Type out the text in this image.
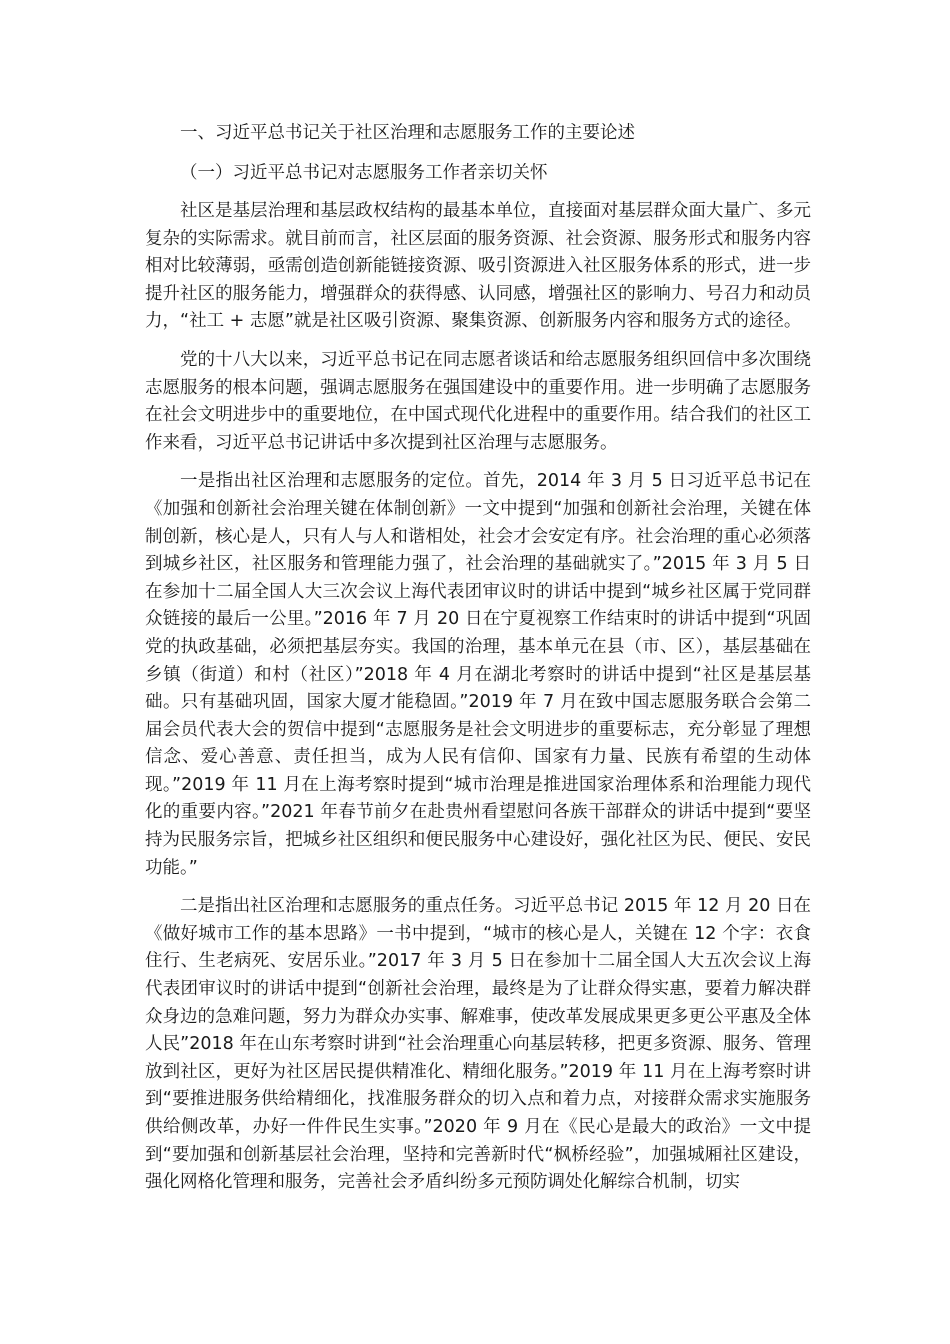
一、习近平总书记关于社区治理和志愿服务工作的主要论述

（一）习近平总书记对志愿服务工作者亲切关怀

社区是基层治理和基层政权结构的最基本单位，直接面对基层群众面大量广、多元复杂的实际需求。就目前而言，社区层面的服务资源、社会资源、服务形式和服务内容相对比较薄弱，亟需创造创新能链接资源、吸引资源进入社区服务体系的形式，进一步提升社区的服务能力，增强群众的获得感、认同感，增强社区的影响力、号召力和动员力，“社工 + 志愿”就是社区吸引资源、聚集资源、创新服务内容和服务方式的途径。

党的十八大以来，习近平总书记在同志愿者谈话和给志愿服务组织回信中多次围绕志愿服务的根本问题，强调志愿服务在强国建设中的重要作用。进一步明确了志愿服务在社会文明进步中的重要地位，在中国式现代化进程中的重要作用。结合我们的社区工作来看，习近平总书记讲话中多次提到社区治理与志愿服务。

一是指出社区治理和志愿服务的定位。首先，2014 年 3 月 5 日习近平总书记在《加强和创新社会治理关键在体制创新》一文中提到“加强和创新社会治理，关键在体制创新，核心是人，只有人与人和谐相处，社会才会安定有序。社会治理的重心必须落到城乡社区，社区服务和管理能力强了，社会治理的基础就实了。”2015 年 3 月 5 日在参加十二届全国人大三次会议上海代表团审议时的讲话中提到“城乡社区属于党同群众链接的最后一公里。”2016 年 7 月 20 日在宁夏视察工作结束时的讲话中提到“巩固党的执政基础，必须把基层夯实。我国的治理，基本单元在县（市、区），基层基础在乡镇（街道）和村（社区）”2018 年 4 月在湖北考察时的讲话中提到“社区是基层基础。只有基础巩固，国家大厦才能稳固。”2019 年 7 月在致中国志愿服务联合会第二届会员代表大会的贺信中提到“志愿服务是社会文明进步的重要标志，充分彰显了理想信念、爱心善意、责任担当，成为人民有信仰、国家有力量、民族有希望的生动体现。”2019 年 11 月在上海考察时提到“城市治理是推进国家治理体系和治理能力现代化的重要内容。”2021 年春节前夕在赴贵州看望慰问各族干部群众的讲话中提到“要坚持为民服务宗旨，把城乡社区组织和便民服务中心建设好，强化社区为民、便民、安民功能。”

二是指出社区治理和志愿服务的重点任务。习近平总书记 2015 年 12 月 20 日在《做好城市工作的基本思路》一书中提到，“城市的核心是人，关键在 12 个字：衣食住行、生老病死、安居乐业。”2017 年 3 月 5 日在参加十二届全国人大五次会议上海代表团审议时的讲话中提到“创新社会治理，最终是为了让群众得实惠，要着力解决群众身边的急难问题，努力为群众办实事、解难事，使改革发展成果更多更公平惠及全体人民”2018 年在山东考察时讲到“社会治理重心向基层转移，把更多资源、服务、管理放到社区，更好为社区居民提供精准化、精细化服务。”2019 年 11 月在上海考察时讲到“要推进服务供给精细化，找准服务群众的切入点和着力点，对接群众需求实施服务供给侧改革，办好一件件民生实事。”2020 年 9 月在《民心是最大的政治》一文中提到“要加强和创新基层社会治理，坚持和完善新时代“枫桥经验”，加强城厢社区建设，强化网格化管理和服务，完善社会矛盾纠纷多元预防调处化解综合机制，切实
